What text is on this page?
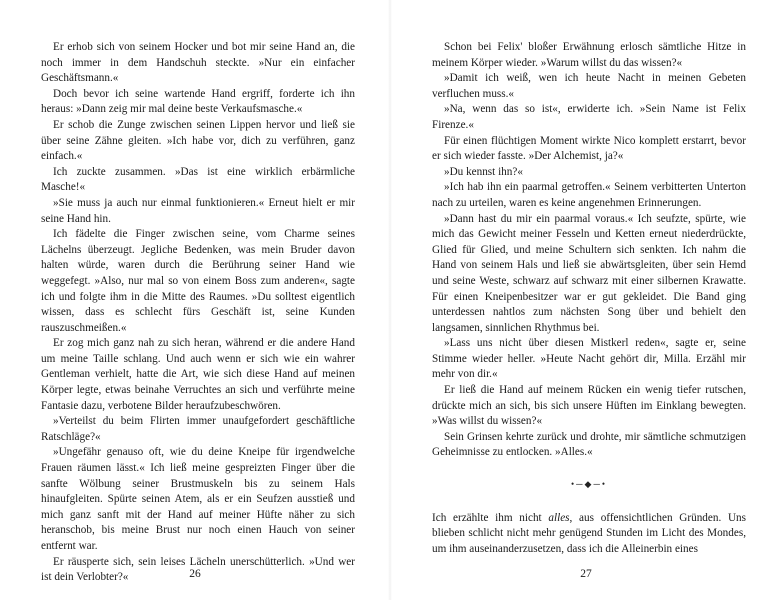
Er erhob sich von seinem Hocker und bot mir seine Hand an, die noch immer in dem Handschuh steckte. »Nur ein einfacher Geschäftsmann.«

Doch bevor ich seine wartende Hand ergriff, forderte ich ihn heraus: »Dann zeig mir mal deine beste Verkaufsmasche.«

Er schob die Zunge zwischen seinen Lippen hervor und ließ sie über seine Zähne gleiten. »Ich habe vor, dich zu verführen, ganz einfach.«

Ich zuckte zusammen. »Das ist eine wirklich erbärmliche Masche!«

»Sie muss ja auch nur einmal funktionieren.« Erneut hielt er mir seine Hand hin.

Ich fädelte die Finger zwischen seine, vom Charme seines Lächelns überzeugt. Jegliche Bedenken, was mein Bruder davon halten würde, waren durch die Berührung seiner Hand wie weggefegt. »Also, nur mal so von einem Boss zum anderen«, sagte ich und folgte ihm in die Mitte des Raumes. »Du solltest eigentlich wissen, dass es schlecht fürs Geschäft ist, seine Kunden rauszuschmeißen.«

Er zog mich ganz nah zu sich heran, während er die andere Hand um meine Taille schlang. Und auch wenn er sich wie ein wahrer Gentleman verhielt, hatte die Art, wie sich diese Hand auf meinen Körper legte, etwas beinahe Verruchtes an sich und verführte meine Fantasie dazu, verbotene Bilder heraufzubeschwören.

»Verteilst du beim Flirten immer unaufgefordert geschäftliche Ratschläge?«

»Ungefähr genauso oft, wie du deine Kneipe für irgendwelche Frauen räumen lässt.« Ich ließ meine gespreizten Finger über die sanfte Wölbung seiner Brustmuskeln bis zu seinem Hals hinaufgleiten. Spürte seinen Atem, als er ein Seufzen ausstieß und mich ganz sanft mit der Hand auf meiner Hüfte näher zu sich heranschob, bis meine Brust nur noch einen Hauch von seiner entfernt war.

Er räusperte sich, sein leises Lächeln unerschütterlich. »Und wer ist dein Verlobter?«	26

Schon bei Felix' bloßer Erwähnung erlosch sämtliche Hitze in meinem Körper wieder. »Warum willst du das wissen?«

»Damit ich weiß, wen ich heute Nacht in meinen Gebeten verfluchen muss.«

»Na, wenn das so ist«, erwiderte ich. »Sein Name ist Felix Firenze.«

Für einen flüchtigen Moment wirkte Nico komplett erstarrt, bevor er sich wieder fasste. »Der Alchemist, ja?«

»Du kennst ihn?«

»Ich hab ihn ein paarmal getroffen.« Seinem verbitterten Unterton nach zu urteilen, waren es keine angenehmen Erinnerungen.

»Dann hast du mir ein paarmal voraus.« Ich seufzte, spürte, wie mich das Gewicht meiner Fesseln und Ketten erneut niederdrückte, Glied für Glied, und meine Schultern sich senkten. Ich nahm die Hand von seinem Hals und ließ sie abwärtsgleiten, über sein Hemd und seine Weste, schwarz auf schwarz mit einer silbernen Krawatte. Für einen Kneipenbesitzer war er gut gekleidet. Die Band ging unterdessen nahtlos zum nächsten Song über und behielt den langsamen, sinnlichen Rhythmus bei.

»Lass uns nicht über diesen Mistkerl reden«, sagte er, seine Stimme wieder heller. »Heute Nacht gehört dir, Milla. Erzähl mir mehr von dir.«

Er ließ die Hand auf meinem Rücken ein wenig tiefer rutschen, drückte mich an sich, bis sich unsere Hüften im Einklang bewegten. »Was willst du wissen?«

Sein Grinsen kehrte zurück und drohte, mir sämtliche schmutzigen Geheimnisse zu entlocken. »Alles.«

•─◆─•

Ich erzählte ihm nicht alles, aus offensichtlichen Gründen. Uns blieben schlicht nicht mehr genügend Stunden im Licht des Mondes, um ihm auseinanderzusetzen, dass ich die Alleinerbin eines

27
